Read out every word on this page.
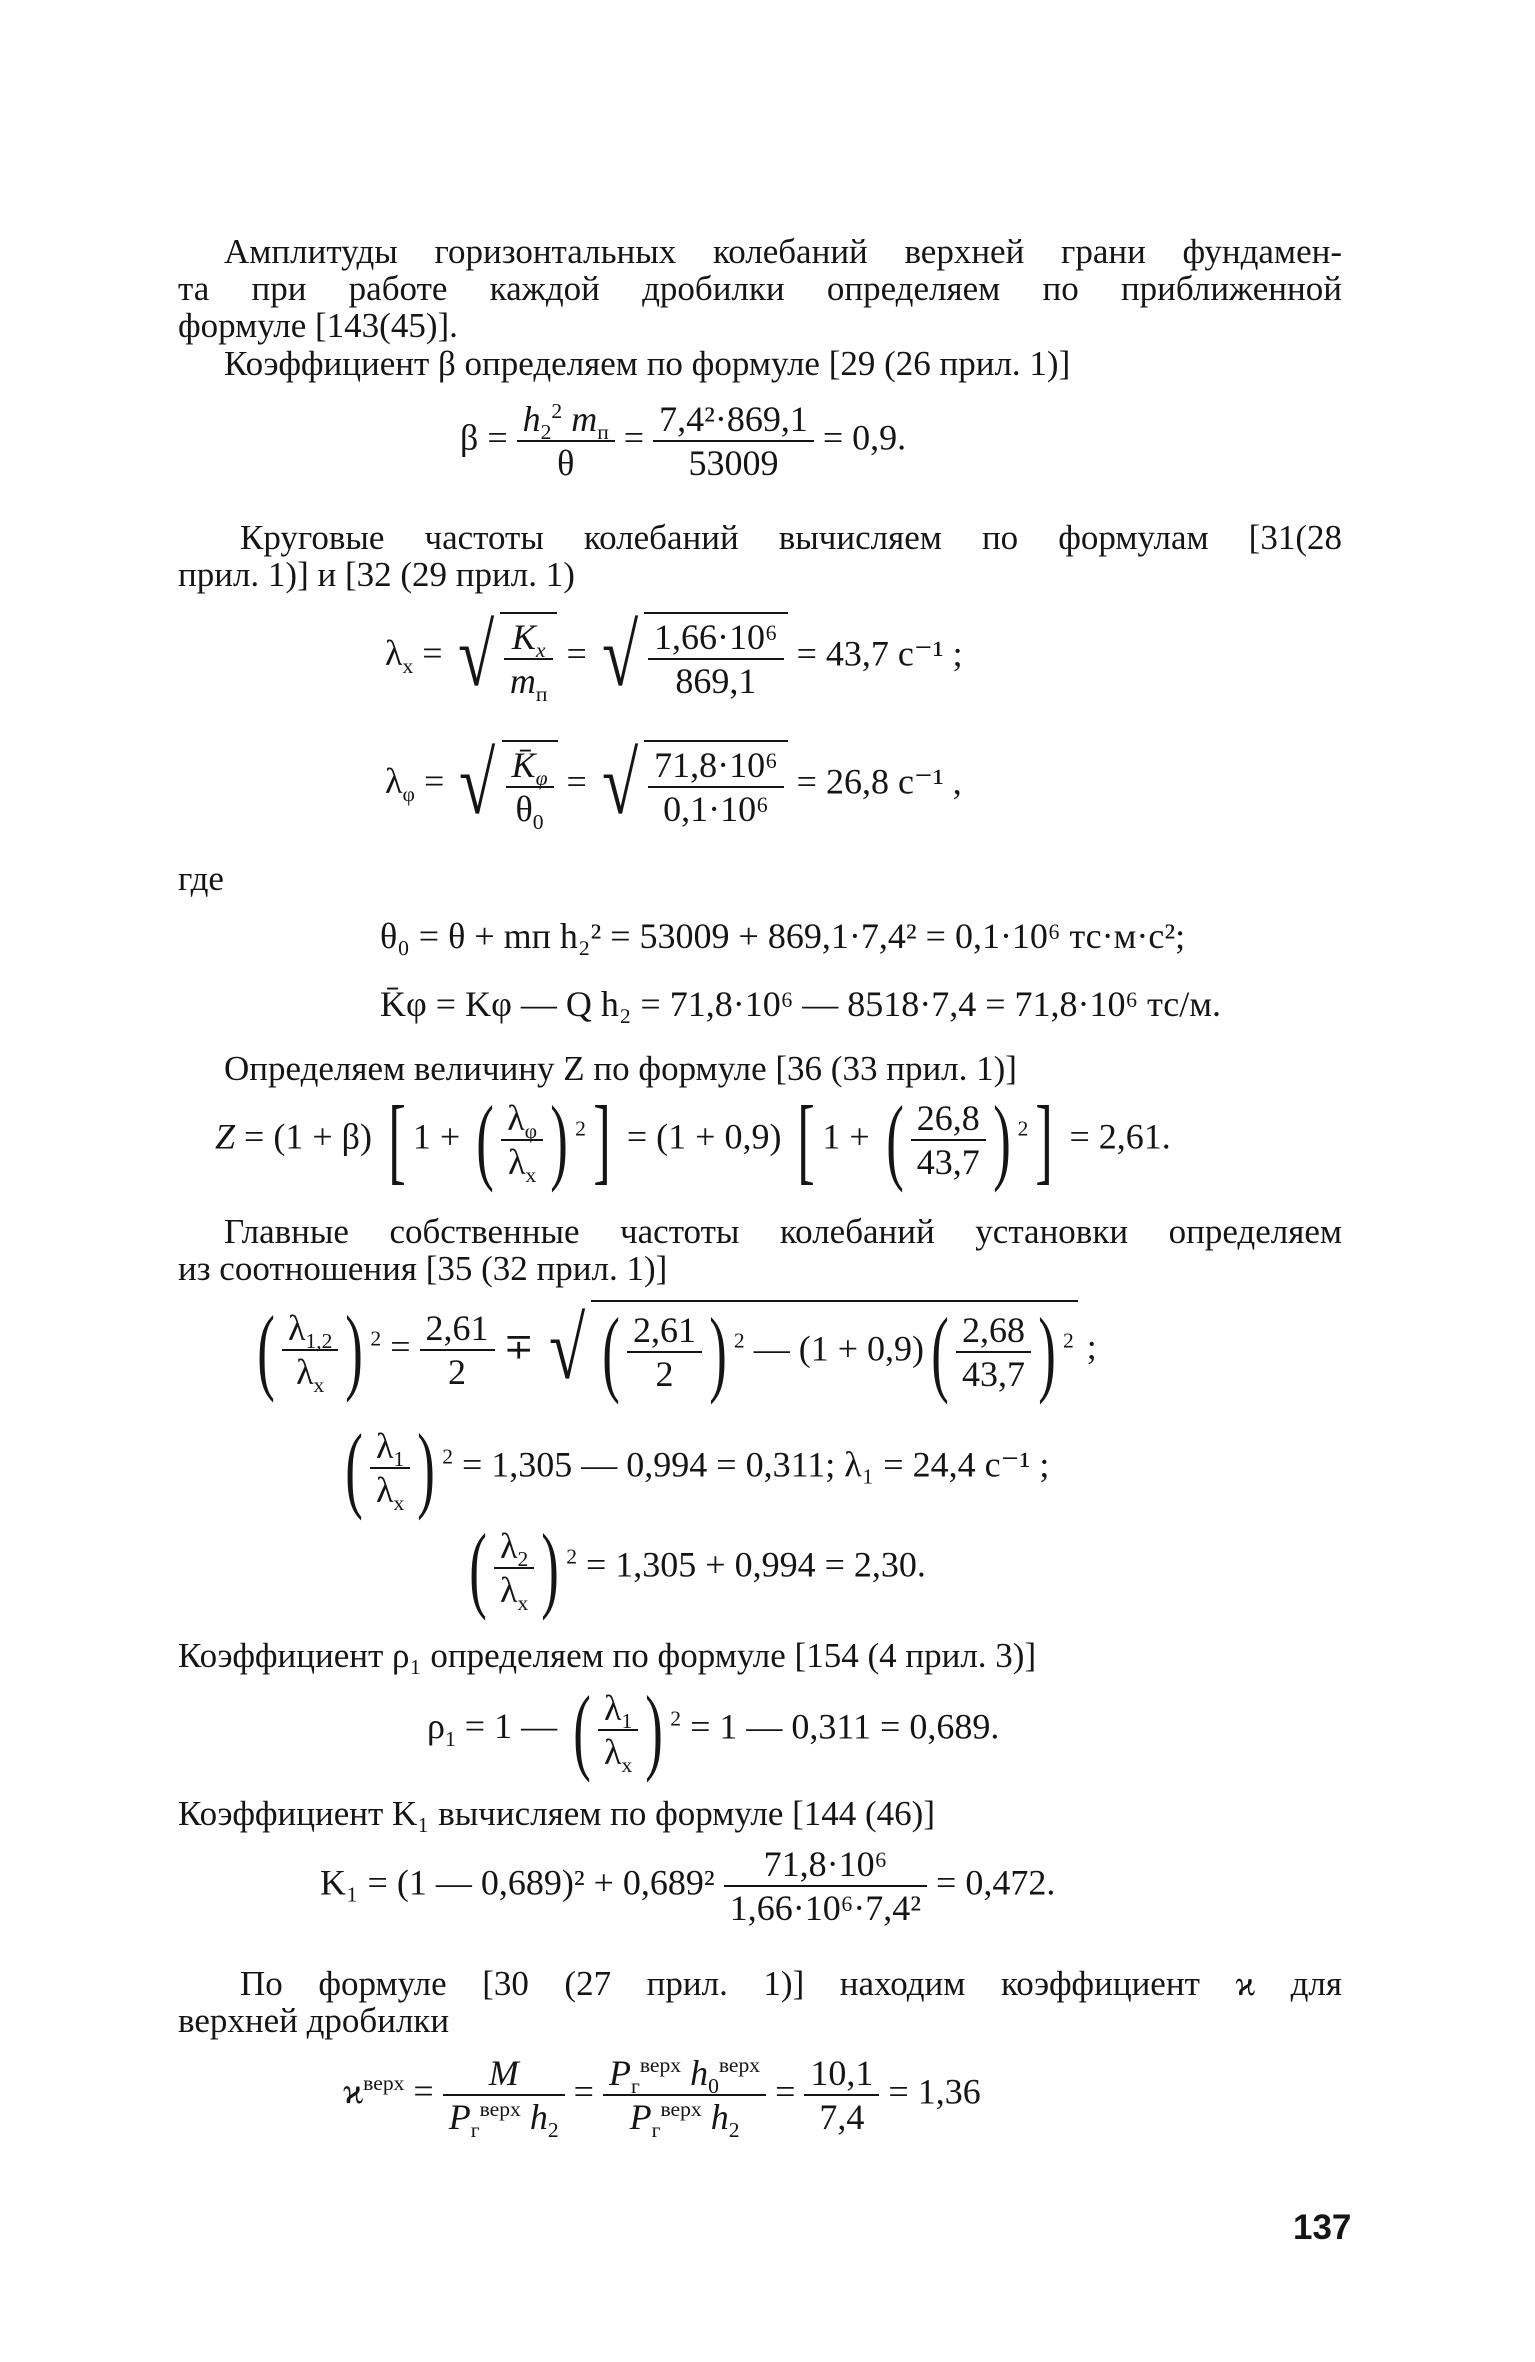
Амплитуды горизонтальных колебаний верхней грани фундамен-
та при работе каждой дробилки определяем по приближенной
формуле [143(45)].
Коэффициент β определяем по формуле [29 (26 прил. 1)]
$\beta = \frac{h_2^2 m_п}{\theta} = \frac{\text{7,4²·869,1}}{53009} = 0,9$.
Круговые частоты колебаний вычисляем по формулам [31(28
прил. 1)] и [32 (29 прил. 1)
$\lambda_x$ = √ $\frac{K_x}{m_п}$ = √ $\frac{\text{1,66·10⁶}}{869,1} = 43,7$ с⁻¹ ;
$\lambda_\varphi$ = √ $\frac{K̄_\varphi}{\theta_0}$ = √ $\frac{\text{71,8·10⁶}}{\text{0,1·10⁶}} = 26,8$ с⁻¹ ,
где
θ₀ = θ + mп h₂² = 53009 + 869,1·7,4² = 0,1·10⁶ тс·м·с²;
K̄φ = Kφ — Q h₂ = 71,8·10⁶ — 8518·7,4 = 71,8·10⁶ тс/м.
Определяем величину Z по формуле [36 (33 прил. 1)]
Z = (1 + β) [ 1 + ( $\frac{\lambda_\varphi}{\lambda_x}$ ) $^2$] = (1 + 0,9) [ 1 + ( $\frac{26,8}{43,7}$ ) $^2$] = 2,61.
Главные собственные частоты колебаний установки определяем
из соотношения [35 (32 прил. 1)]
( $\frac{\lambda_{1,2}}{\lambda_x}$ ) $^2 = \frac{2,61}{2}$ ∓ √ ( $\frac{2,61}{2}$ ) $^2$ — $(1 + 0,9)( \frac{2,68}{43,7}$ ) $^2$ ;
( $\frac{\lambda_1}{\lambda_x}$ ) $^2$ = 1,305 — 0,994 = 0,311; λ₁ = 24,4 с⁻¹ ;
( $\frac{\lambda_2}{\lambda_x}$ ) $^2$ = 1,305 + 0,994 = 2,30.
Коэффициент ρ₁ определяем по формуле [154 (4 прил. 3)]
$\rho_1 = 1$ — ( $\frac{\lambda_1}{\lambda_x}$ ) $^2$ = 1 — 0,311 = 0,689.
Коэффициент K₁ вычисляем по формуле [144 (46)]
K₁ = (1 — $0,689)^2 + 0,689^2 \frac{\text{71,8·10⁶}}{\text{1,66·10⁶·7,4²}} = 0,472$.
По формуле [30 (27 прил. 1)] находим коэффициент ϰ для
верхней дробилки
$ϰ^{верх} = \frac{M}{P_г^{верх} h_2} = \frac{P_г^{верх} h_0^{верх}}{P_г^{верх} h_2} = \frac{10,1}{7,4} = 1,36$
137
